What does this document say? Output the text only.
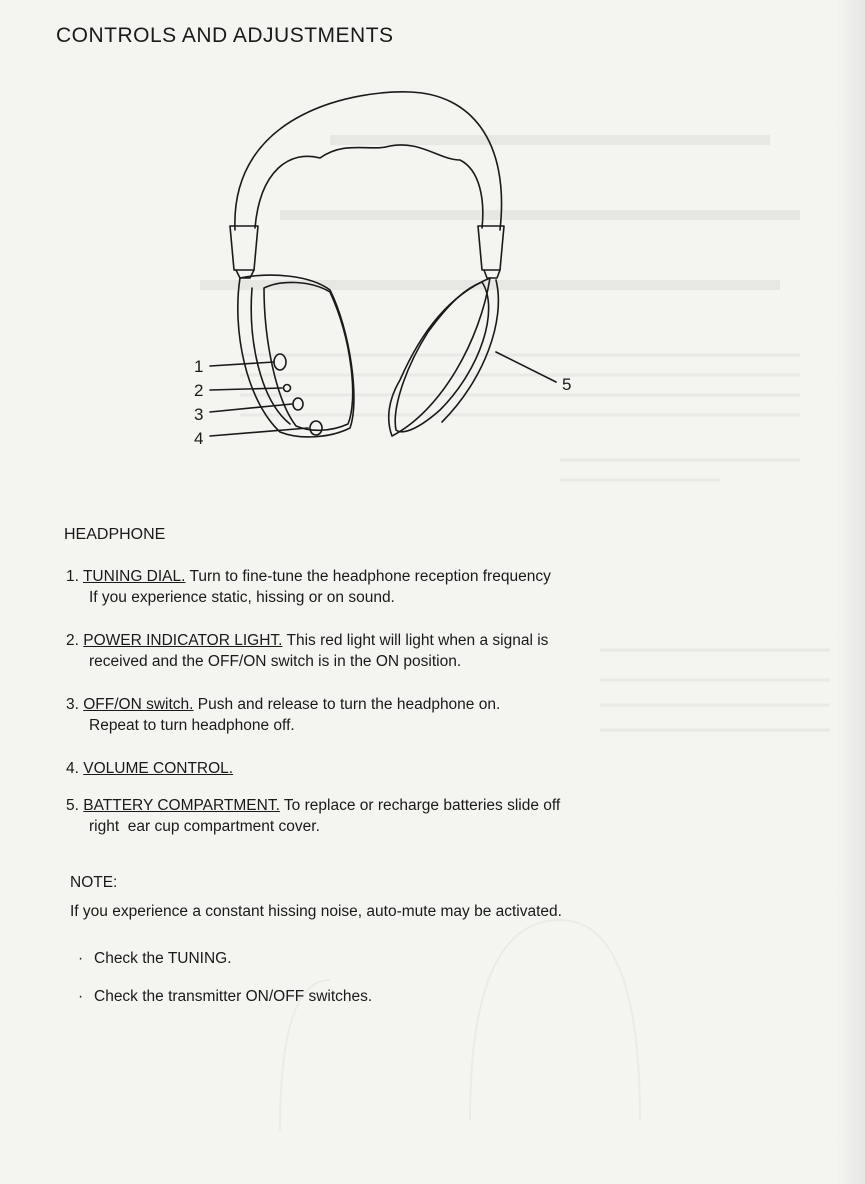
CONTROLS AND ADJUSTMENTS
1
2
3
4
5
HEADPHONE
1. TUNING DIAL. Turn to fine-tune the headphone reception frequency
If you experience static, hissing or on sound.
2. POWER INDICATOR LIGHT. This red light will light when a signal is
received and the OFF/ON switch is in the ON position.
3. OFF/ON switch. Push and release to turn the headphone on.
Repeat to turn headphone off.
4. VOLUME CONTROL.
5. BATTERY COMPARTMENT. To replace or recharge batteries slide off
right  ear cup compartment cover.

NOTE:

If you experience a constant hissing noise, auto-mute may be activated.

· Check the TUNING.
· Check the transmitter ON/OFF switches.
